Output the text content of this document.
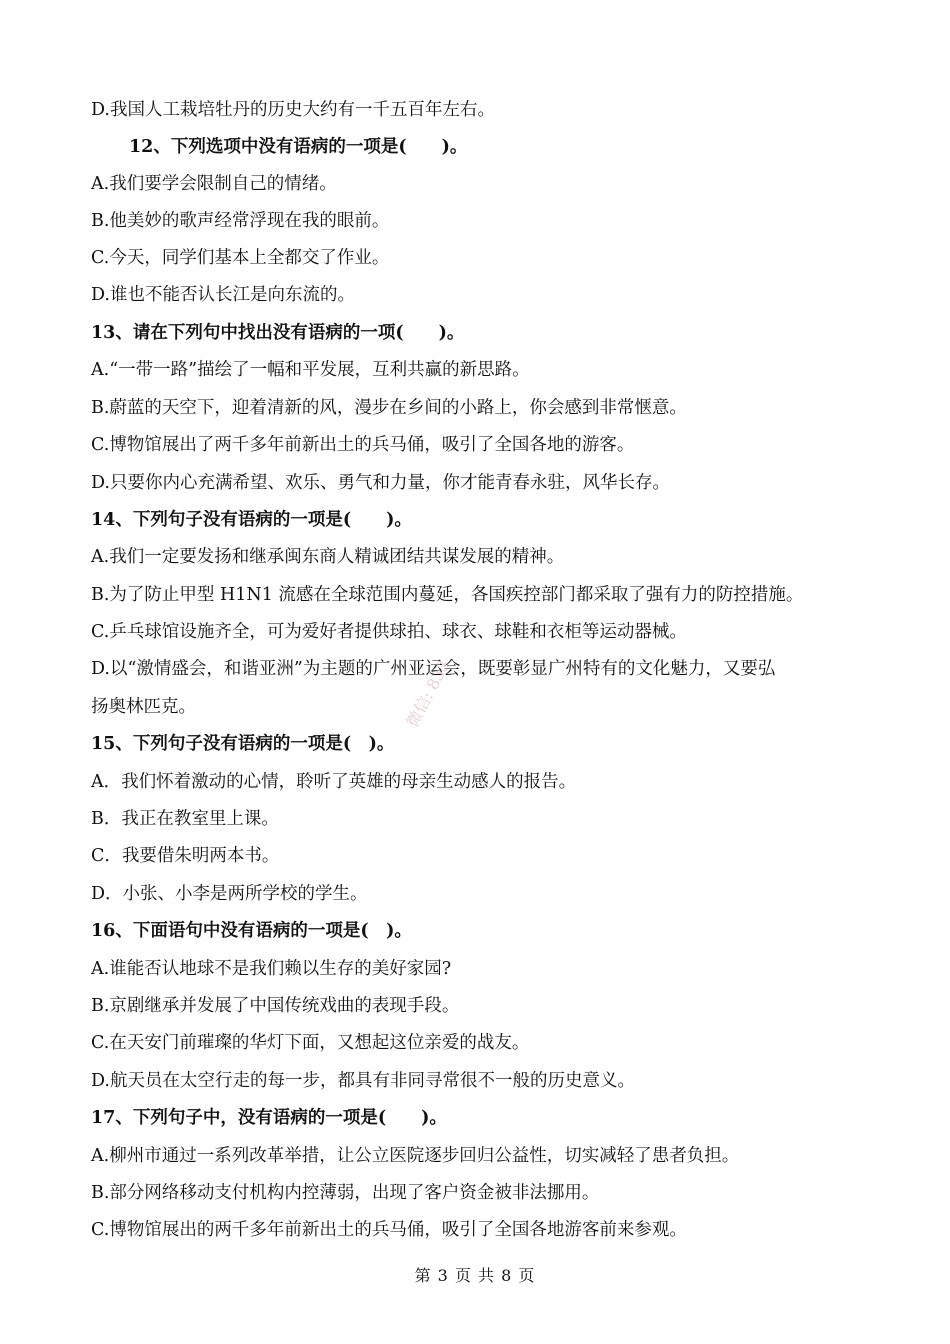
微信: 833
D.我国人工栽培牡丹的历史大约有一千五百年左右。
12、下列选项中没有语病的一项是(　　)。
A.我们要学会限制自己的情绪。
B.他美妙的歌声经常浮现在我的眼前。
C.今天，同学们基本上全都交了作业。
D.谁也不能否认长江是向东流的。
13、请在下列句中找出没有语病的一项(　　)。
A.“一带一路”描绘了一幅和平发展，互利共赢的新思路。
B.蔚蓝的天空下，迎着清新的风，漫步在乡间的小路上，你会感到非常惬意。
C.博物馆展出了两千多年前新出土的兵马俑，吸引了全国各地的游客。
D.只要你内心充满希望、欢乐、勇气和力量，你才能青春永驻，风华长存。
14、下列句子没有语病的一项是(　　)。
A.我们一定要发扬和继承闽东商人精诚团结共谋发展的精神。
B.为了防止甲型 H1N1 流感在全球范围内蔓延，各国疾控部门都采取了强有力的防控措施。
C.乒乓球馆设施齐全，可为爱好者提供球拍、球衣、球鞋和衣柜等运动器械。
D.以“激情盛会，和谐亚洲”为主题的广州亚运会，既要彰显广州特有的文化魅力，又要弘
扬奥林匹克。
15、下列句子没有语病的一项是(　)。
A．我们怀着激动的心情，聆听了英雄的母亲生动感人的报告。
B．我正在教室里上课。
C．我要借朱明两本书。
D．小张、小李是两所学校的学生。
16、下面语句中没有语病的一项是(　)。
A.谁能否认地球不是我们赖以生存的美好家园?
B.京剧继承并发展了中国传统戏曲的表现手段。
C.在天安门前璀璨的华灯下面，又想起这位亲爱的战友。
D.航天员在太空行走的每一步，都具有非同寻常很不一般的历史意义。
17、下列句子中，没有语病的一项是(　　)。
A.柳州市通过一系列改革举措，让公立医院逐步回归公益性，切实减轻了患者负担。
B.部分网络移动支付机构内控薄弱，出现了客户资金被非法挪用。
C.博物馆展出的两千多年前新出土的兵马俑，吸引了全国各地游客前来参观。
第 3 页 共 8 页
